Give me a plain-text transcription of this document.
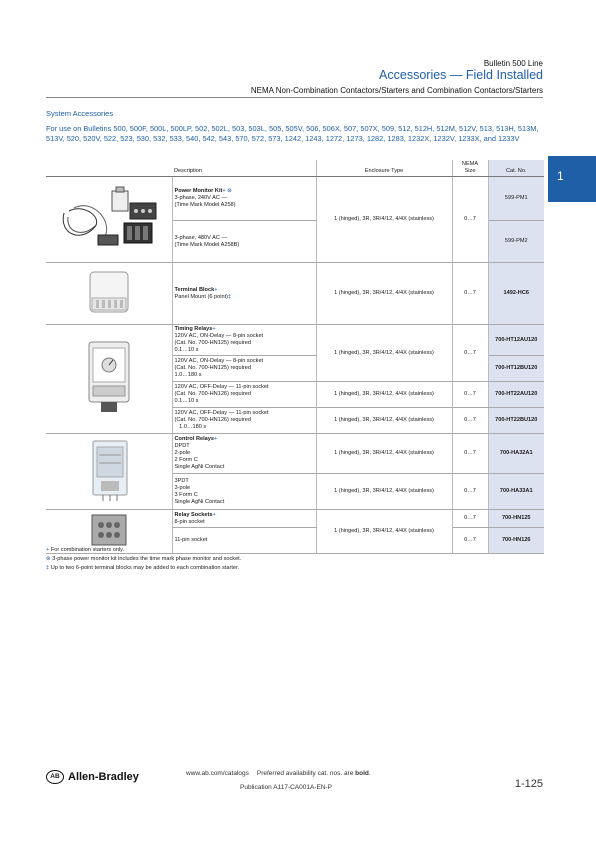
Bulletin 500 Line
Accessories — Field Installed
NEMA Non-Combination Contactors/Starters and Combination Contactors/Starters
1
System Accessories
For use on Bulletins 500, 500F, 500L, 500LP, 502, 502L, 503, 503L, 505, 505V, 506, 506X, 507, 507X, 509, 512, 512H, 512M, 512V, 513, 513H, 513M, 513V, 520, 520V, 522, 523, 530, 532, 533, 540, 542, 543, 570, 572, 573, 1242, 1243, 1272, 1273, 1282, 1283, 1232X, 1232V, 1233X, and 1233V
	Description	Enclosure Type	NEMA Size	Cat. No.
	Power Monitor Kit+ ⊗
3-phase, 240V AC —
(Time Mark Model A258)	1 (hinged), 3R, 3R/4/12, 4/4X (stainless)	0…7	599-PM1
	3-phase, 480V AC —
(Time Mark Model A258B)			599-PM2
	Terminal Block+
Panel Mount (6 point)‡	1 (hinged), 3R, 3R/4/12, 4/4X (stainless)	0…7	1492-HC6
	Timing Relays+
120V AC, ON-Delay — 8-pin socket
(Cat. No. 700-HN125) required
0.1…10 s	1 (hinged), 3R, 3R/4/12, 4/4X (stainless)	0…7	700-HT12AU120
	120V AC, ON-Delay — 8-pin socket
(Cat. No. 700-HN125) required
1.0…180 s			700-HT12BU120
	120V AC, OFF-Delay — 11-pin socket
(Cat. No. 700-HN126) required
0.1…10 s	1 (hinged), 3R, 3R/4/12, 4/4X (stainless)	0…7	700-HT22AU120
	120V AC, OFF-Delay — 11-pin socket
(Cat. No. 700-HN126) required
1.0…180 s	1 (hinged), 3R, 3R/4/12, 4/4X (stainless)	0…7	700-HT22BU120
	Control Relays+
DPDT
2-pole
2 Form C
Single AgNi Contact	1 (hinged), 3R, 3R/4/12, 4/4X (stainless)	0…7	700-HA32A1
	3PDT
3-pole
3 Form C
Single AgNi Contact	1 (hinged), 3R, 3R/4/12, 4/4X (stainless)	0…7	700-HA33A1
	Relay Sockets+
8-pin socket	1 (hinged), 3R, 3R/4/12, 4/4X (stainless)	0…7	700-HN125
	11-pin socket		0…7	700-HN126
+ For combination starters only.
⊗ 3-phase power monitor kit includes the time mark phase monitor and socket.
‡ Up to two 6-point terminal blocks may be added to each combination starter.
AB Allen-Bradley	www.ab.com/catalogs Preferred availability cat. nos. are bold.
Publication A117-CA001A-EN-P	1-125
